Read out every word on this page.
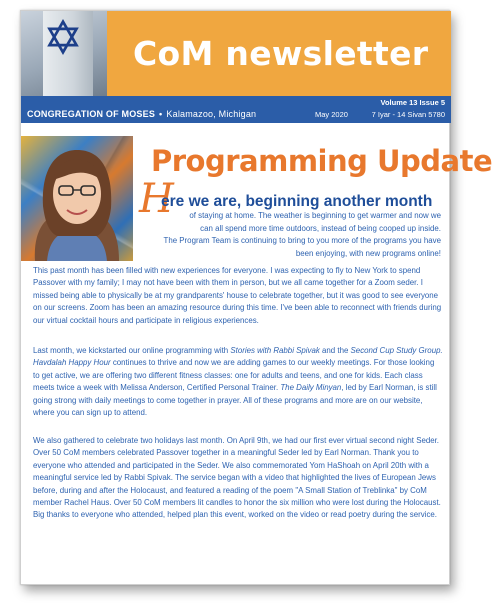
CoM newsletter
Volume 13 Issue 5
CONGREGATION OF MOSES • Kalamazoo, Michigan	May 2020	7 Iyar - 14 Sivan 5780
Programming Update
H
ere we are, beginning another month
of staying at home. The weather is beginning to get warmer and now we
can all spend more time outdoors, instead of being cooped up inside.
The Program Team is continuing to bring to you more of the programs you have
been enjoying, with new programs online!

This past month has been filled with new experiences for everyone. I was expecting to fly to New York to spend Passover with my family; I may not have been with them in person, but we all came together for a Zoom seder. I missed being able to physically be at my grandparents' house to celebrate together, but it was good to see everyone on our screens. Zoom has been an amazing resource during this time. I've been able to reconnect with friends during our virtual cocktail hours and participate in religious experiences.

Last month, we kickstarted our online programming with Stories with Rabbi Spivak and the Second Cup Study Group. Havdalah Happy Hour continues to thrive and now we are adding games to our weekly meetings. For those looking to get active, we are offering two different fitness classes: one for adults and teens, and one for kids. Each class meets twice a week with Melissa Anderson, Certified Personal Trainer. The Daily Minyan, led by Earl Norman, is still going strong with daily meetings to come together in prayer. All of these programs and more are on our website, where you can sign up to attend.

We also gathered to celebrate two holidays last month. On April 9th, we had our first ever virtual second night Seder. Over 50 CoM members celebrated Passover together in a meaningful Seder led by Earl Norman. Thank you to everyone who attended and participated in the Seder. We also commemorated Yom HaShoah on April 20th with a meaningful service led by Rabbi Spivak. The service began with a video that highlighted the lives of European Jews before, during and after the Holocaust, and featured a reading of the poem "A Small Station of Treblinka" by CoM member Rachel Haus. Over 50 CoM members lit candles to honor the six million who were lost during the Holocaust. Big thanks to everyone who attended, helped plan this event, worked on the video or read poetry during the service.
